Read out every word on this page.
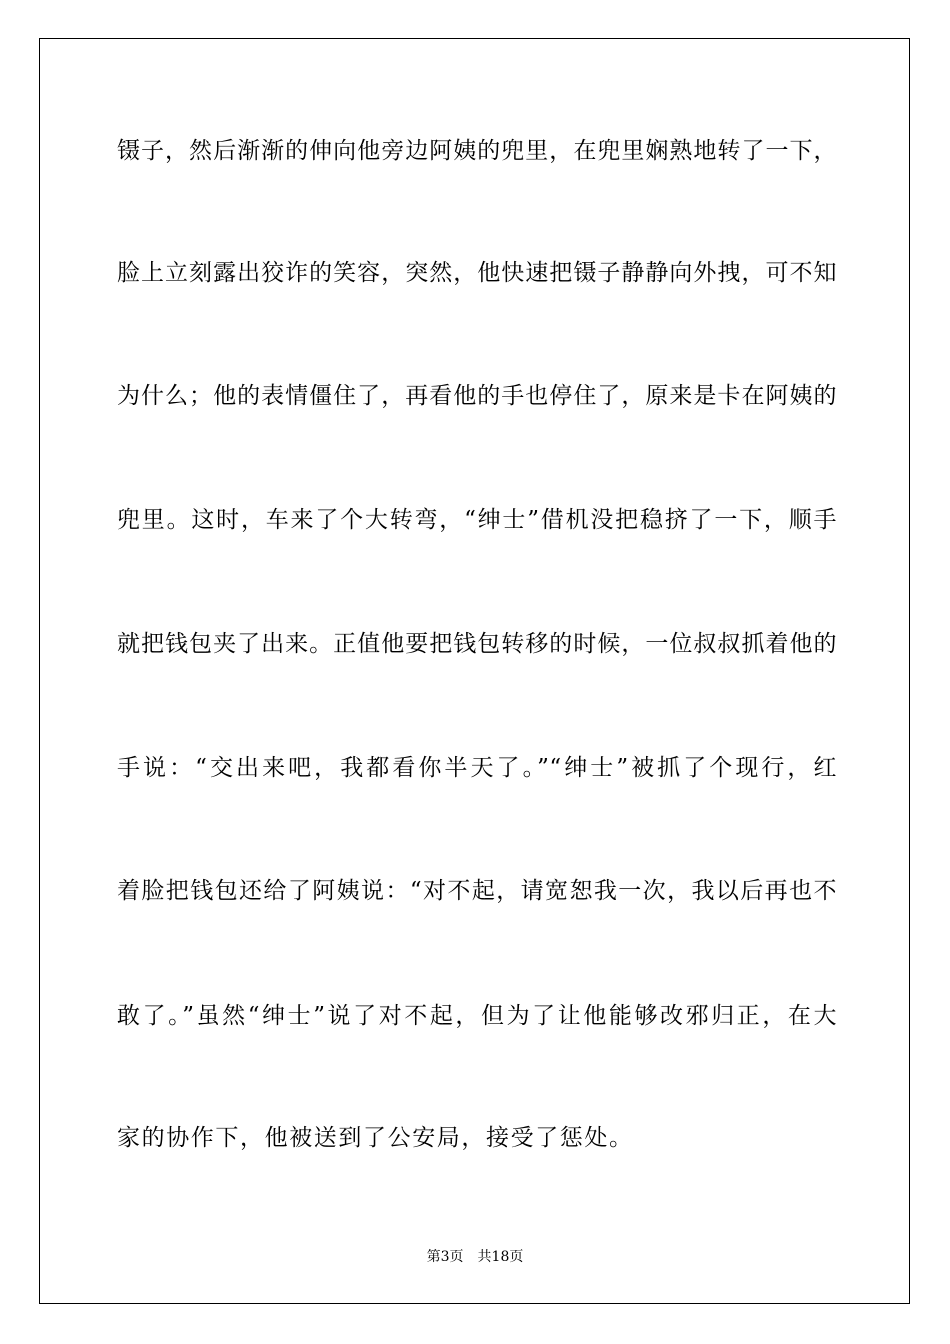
镊子，然后渐渐的伸向他旁边阿姨的兜里，在兜里娴熟地转了一下，
脸上立刻露出狡诈的笑容，突然，他快速把镊子静静向外拽，可不知
为什么；他的表情僵住了，再看他的手也停住了，原来是卡在阿姨的
兜里。这时，车来了个大转弯，“绅士”借机没把稳挤了一下，顺手
就把钱包夹了出来。正值他要把钱包转移的时候，一位叔叔抓着他的
手说：“交出来吧，我都看你半天了。”“绅士”被抓了个现行，红
着脸把钱包还给了阿姨说：“对不起，请宽恕我一次，我以后再也不
敢了。”虽然“绅士”说了对不起，但为了让他能够改邪归正，在大
家的协作下，他被送到了公安局，接受了惩处。
第3页　共18页
